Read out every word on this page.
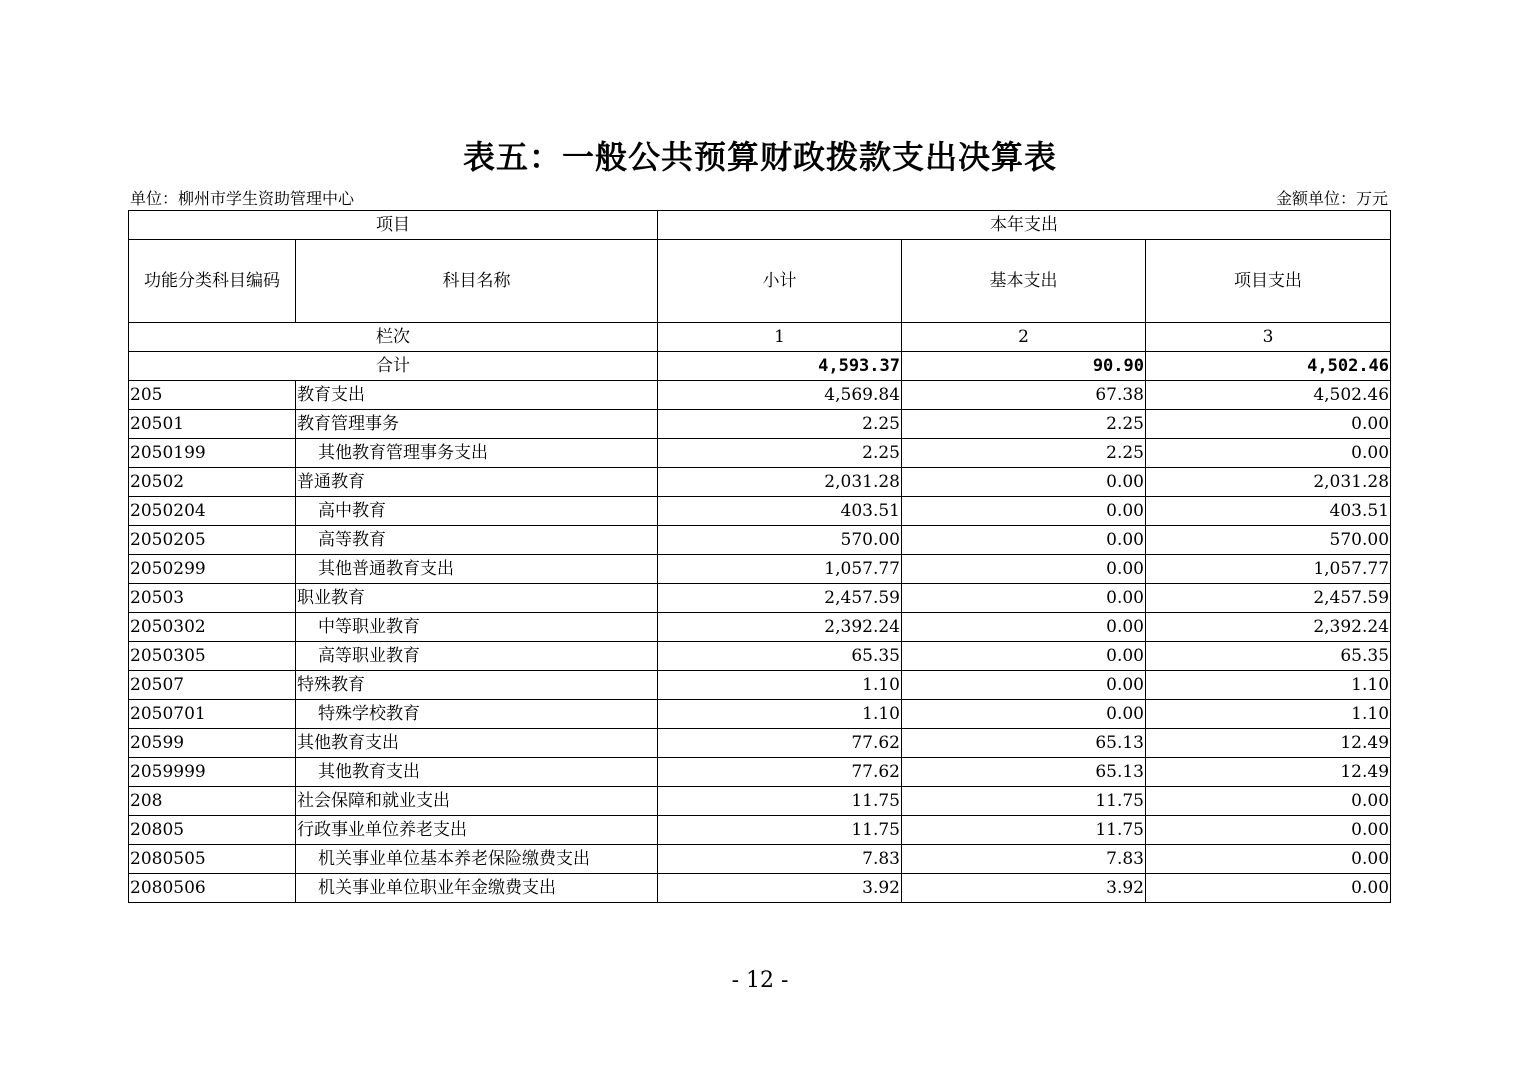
表五：一般公共预算财政拨款支出决算表
单位：柳州市学生资助管理中心	金额单位：万元
项目		本年支出		
功能分类科目编码	科目名称	小计	基本支出	项目支出
栏次		1	2	3
合计		4,593.37	90.90	4,502.46
205	教育支出	4,569.84	67.38	4,502.46
20501	教育管理事务	2.25	2.25	0.00
2050199	其他教育管理事务支出	2.25	2.25	0.00
20502	普通教育	2,031.28	0.00	2,031.28
2050204	高中教育	403.51	0.00	403.51
2050205	高等教育	570.00	0.00	570.00
2050299	其他普通教育支出	1,057.77	0.00	1,057.77
20503	职业教育	2,457.59	0.00	2,457.59
2050302	中等职业教育	2,392.24	0.00	2,392.24
2050305	高等职业教育	65.35	0.00	65.35
20507	特殊教育	1.10	0.00	1.10
2050701	特殊学校教育	1.10	0.00	1.10
20599	其他教育支出	77.62	65.13	12.49
2059999	其他教育支出	77.62	65.13	12.49
208	社会保障和就业支出	11.75	11.75	0.00
20805	行政事业单位养老支出	11.75	11.75	0.00
2080505	机关事业单位基本养老保险缴费支出	7.83	7.83	0.00
2080506	机关事业单位职业年金缴费支出	3.92	3.92	0.00
- 12 -
